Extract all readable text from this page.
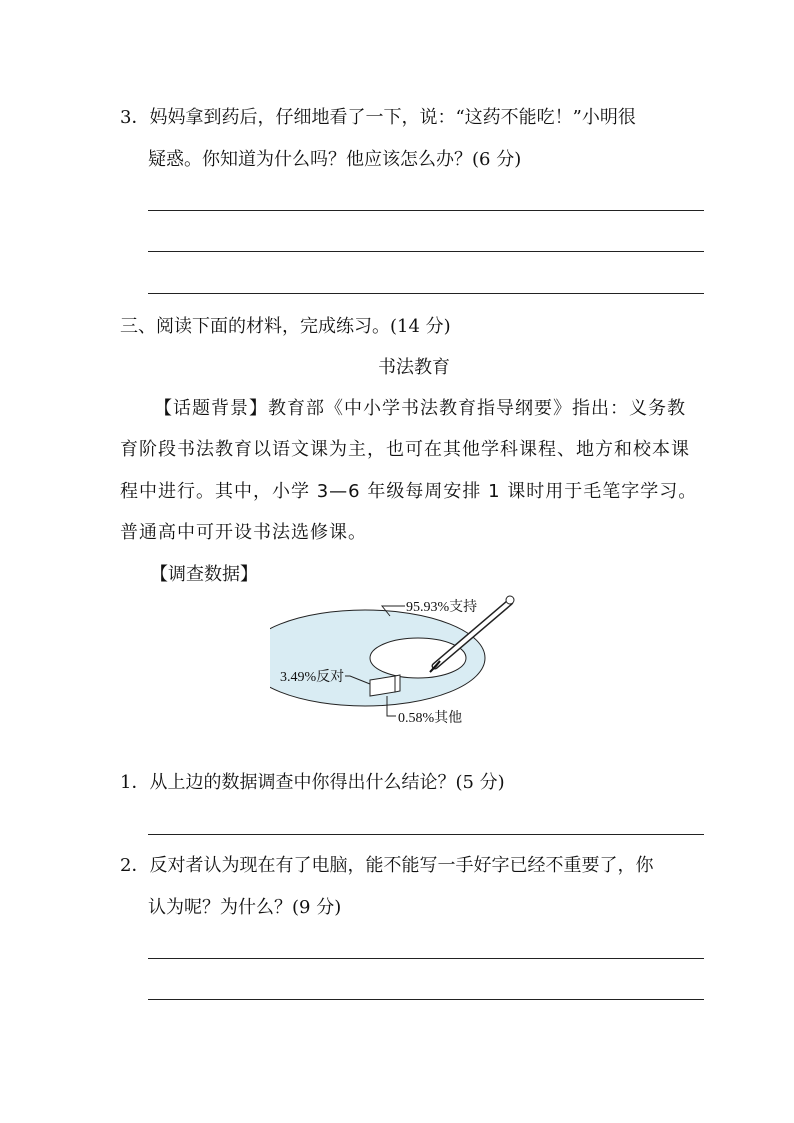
3．妈妈拿到药后，仔细地看了一下，说：“这药不能吃！”小明很
疑惑。你知道为什么吗？他应该怎么办？(6 分)
三、阅读下面的材料，完成练习。(14 分)
书法教育
【话题背景】教育部《中小学书法教育指导纲要》指出：义务教
育阶段书法教育以语文课为主，也可在其他学科课程、地方和校本课
程中进行。其中，小学 3—6 年级每周安排 1 课时用于毛笔字学习。
普通高中可开设书法选修课。
【调查数据】
95.93%支持
3.49%反对
0.58%其他
1．从上边的数据调查中你得出什么结论？(5 分)
2．反对者认为现在有了电脑，能不能写一手好字已经不重要了，你
认为呢？为什么？(9 分)
